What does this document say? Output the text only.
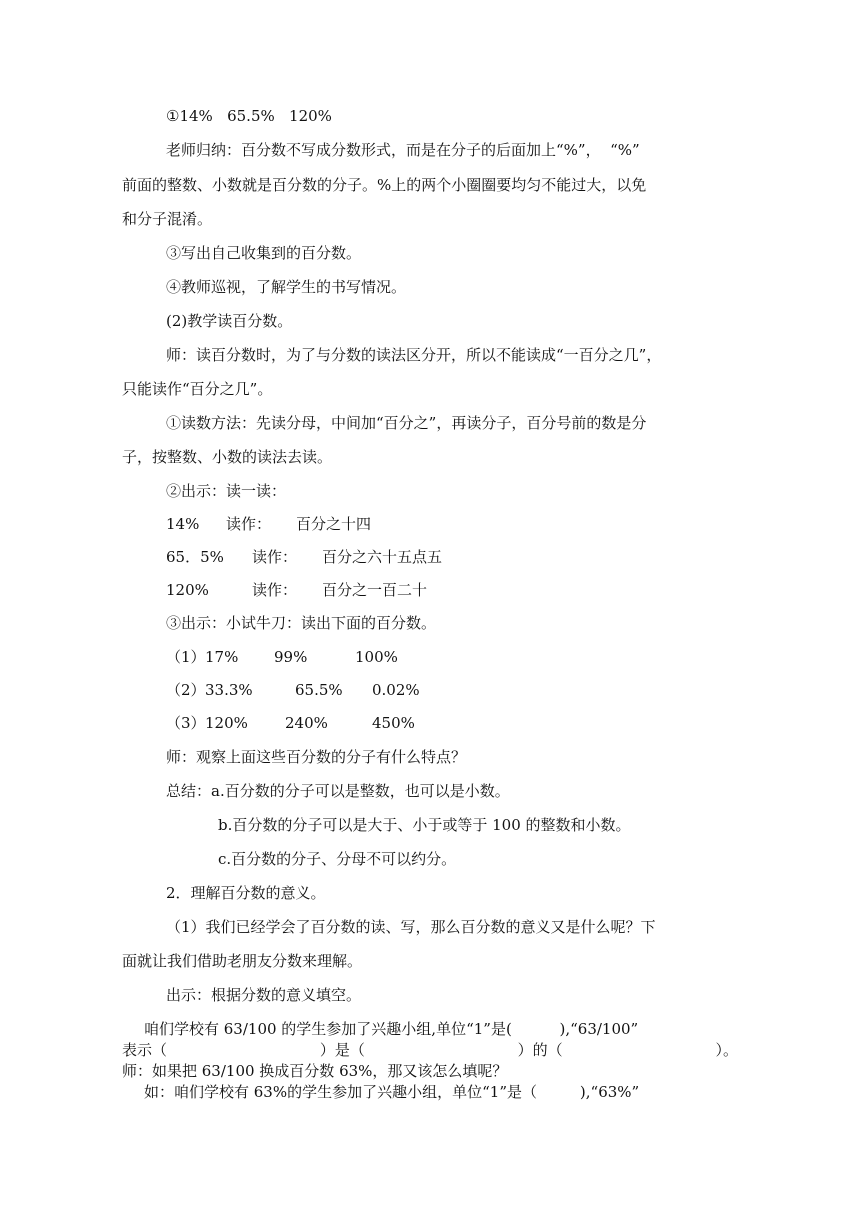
①14%   65.5%   120%
老师归纳：百分数不写成分数形式，而是在分子的后面加上“%”，  “%”
前面的整数、小数就是百分数的分子。%上的两个小圈圈要均匀不能过大，以免
和分子混淆。
③写出自己收集到的百分数。
④教师巡视，了解学生的书写情况。
(2)教学读百分数。
师：读百分数时，为了与分数的读法区分开，所以不能读成“一百分之几”，
只能读作“百分之几”。
①读数方法：先读分母，中间加“百分之”，再读分子，百分号前的数是分
子，按整数、小数的读法去读。
②出示：读一读：
14% 读作： 百分之十四
65．5% 读作： 百分之六十五点五
120%	读作： 百分之一百二十
③出示：小试牛刀：读出下面的百分数。
（1） 17% 99%	100%
（2） 33.3%	65.5% 0.02%
（3） 120% 240%	450%
师：观察上面这些百分数的分子有什么特点？
总结：a.百分数的分子可以是整数，也可以是小数。
b.百分数的分子可以是大于、小于或等于 100 的整数和小数。
c.百分数的分子、分母不可以约分。
2．理解百分数的意义。
（1）我们已经学会了百分数的读、写，那么百分数的意义又是什么呢？下
面就让我们借助老朋友分数来理解。
出示：根据分数的意义填空。
咱们学校有 63/100 的学生参加了兴趣小组,单位“1”是(          ),“63/100”
表示（	）是（	）的（	）。
师：如果把 63/100 换成百分数 63%，那又该怎么填呢？
如：咱们学校有 63%的学生参加了兴趣小组，单位“1”是（         ),“63%”
